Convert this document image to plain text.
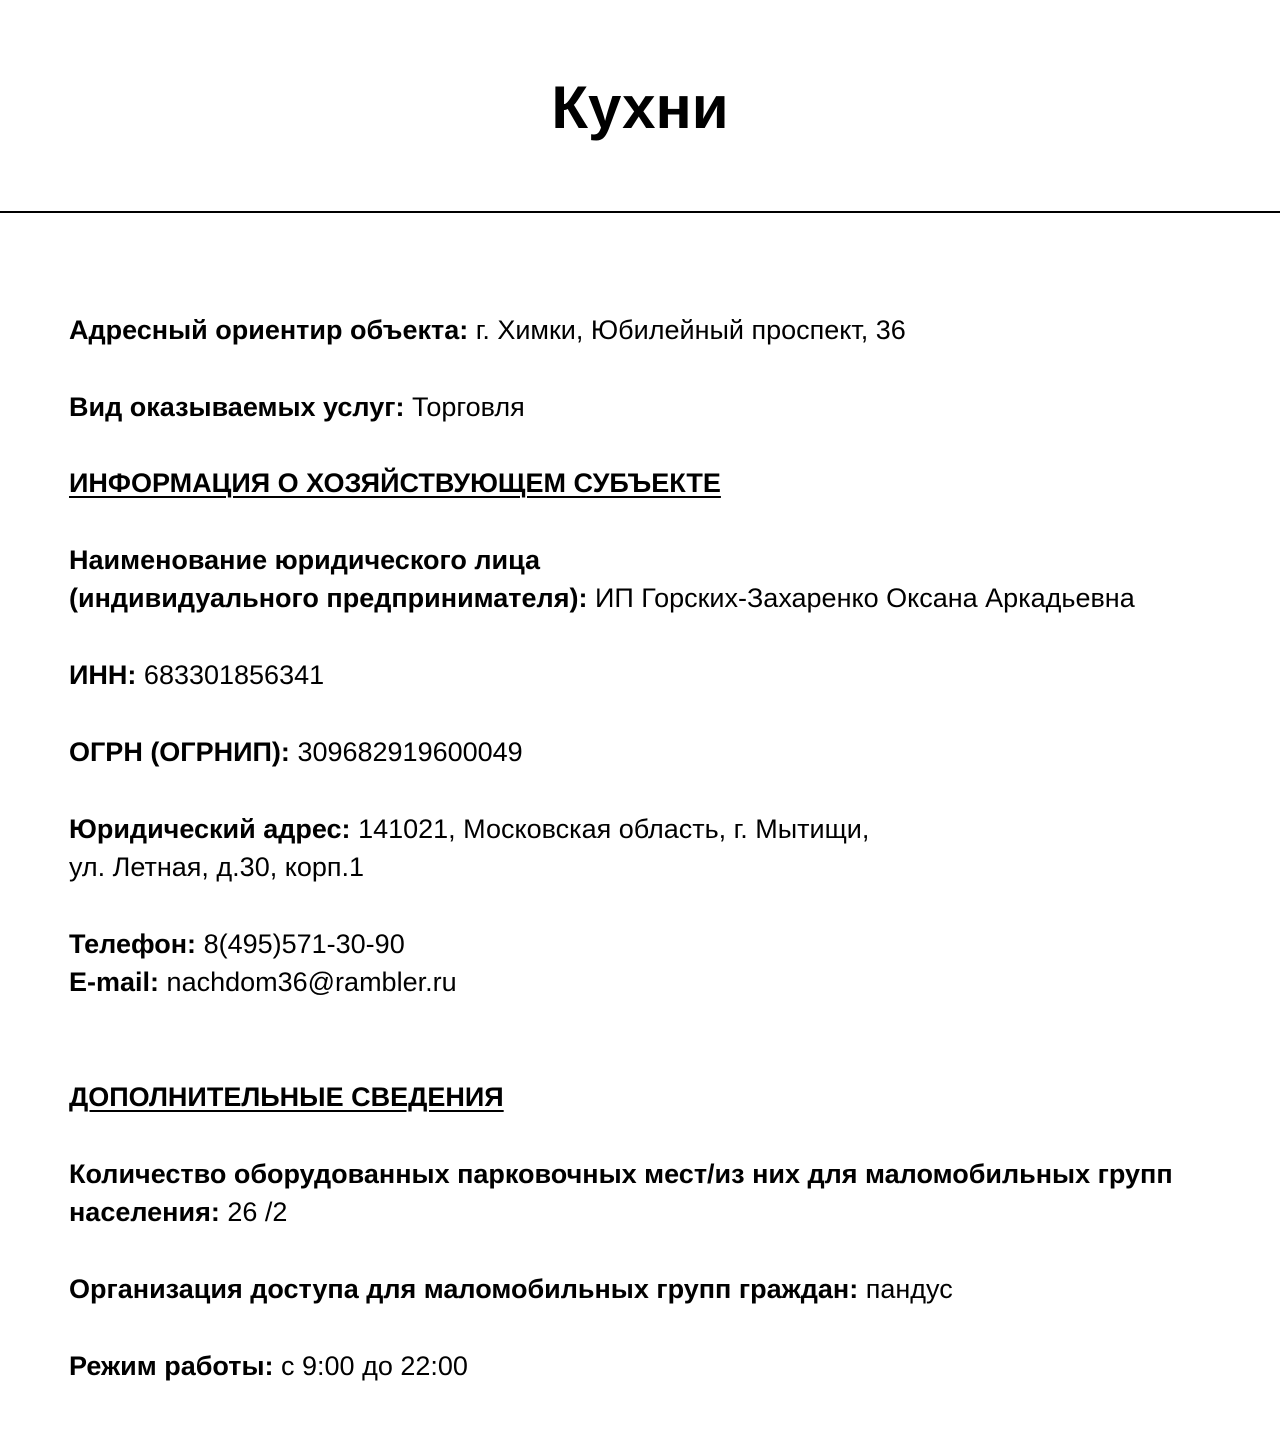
Кухни
Адресный ориентир объекта: г. Химки, Юбилейный проспект, 36
Вид оказываемых услуг: Торговля
ИНФОРМАЦИЯ О ХОЗЯЙСТВУЮЩЕМ СУБЪЕКТЕ
Наименование юридического лица
(индивидуального предпринимателя): ИП Горских-Захаренко Оксана Аркадьевна
ИНН: 683301856341
ОГРН (ОГРНИП): 309682919600049
Юридический адрес: 141021, Московская область, г. Мытищи,
ул. Летная, д.30, корп.1
Телефон: 8(495)571-30-90
E-mail: nachdom36@rambler.ru
ДОПОЛНИТЕЛЬНЫЕ СВЕДЕНИЯ
Количество оборудованных парковочных мест/из них для маломобильных групп
населения: 26 /2
Организация доступа для маломобильных групп граждан: пандус
Режим работы: с 9:00 до 22:00
